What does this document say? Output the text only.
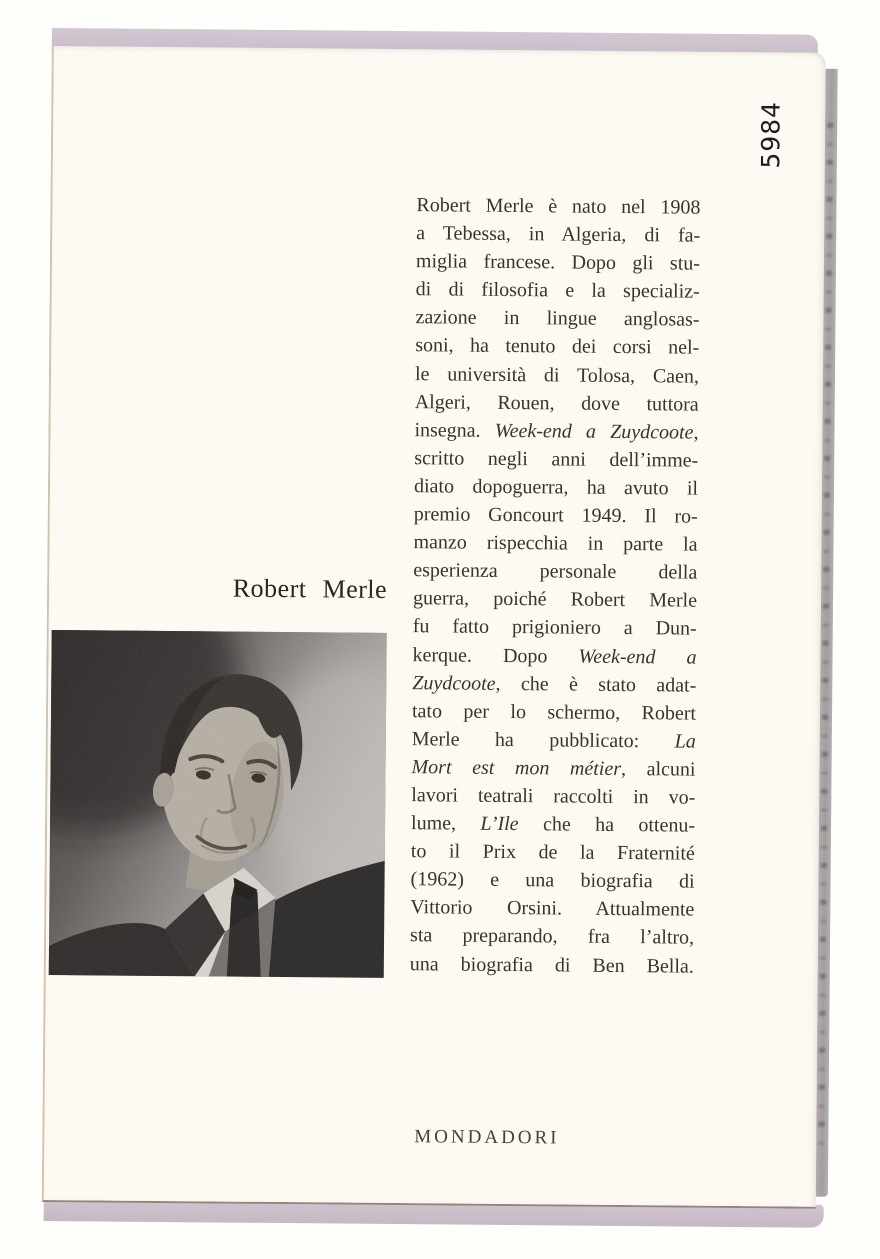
5984
Robert Merle è nato nel 1908
a Tebessa, in Algeria, di fa-
miglia francese. Dopo gli stu-
di di filosofia e la specializ-
zazione in lingue anglosas-
soni, ha tenuto dei corsi nel-
le università di Tolosa, Caen,
Algeri, Rouen, dove tuttora
insegna. Week-end a Zuydcoote,
scritto negli anni dell’imme-
diato dopoguerra, ha avuto il
premio Goncourt 1949. Il ro-
manzo rispecchia in parte la
esperienza personale della
guerra, poiché Robert Merle
fu fatto prigioniero a Dun-
kerque. Dopo Week-end a
Zuydcoote, che è stato adat-
tato per lo schermo, Robert
Merle ha pubblicato: La
Mort est mon métier, alcuni
lavori teatrali raccolti in vo-
lume, L’Ile che ha ottenu-
to il Prix de la Fraternité
(1962) e una biografia di
Vittorio Orsini. Attualmente
sta preparando, fra l’altro,
una biografia di Ben Bella.
Robert Merle
MONDADORI
